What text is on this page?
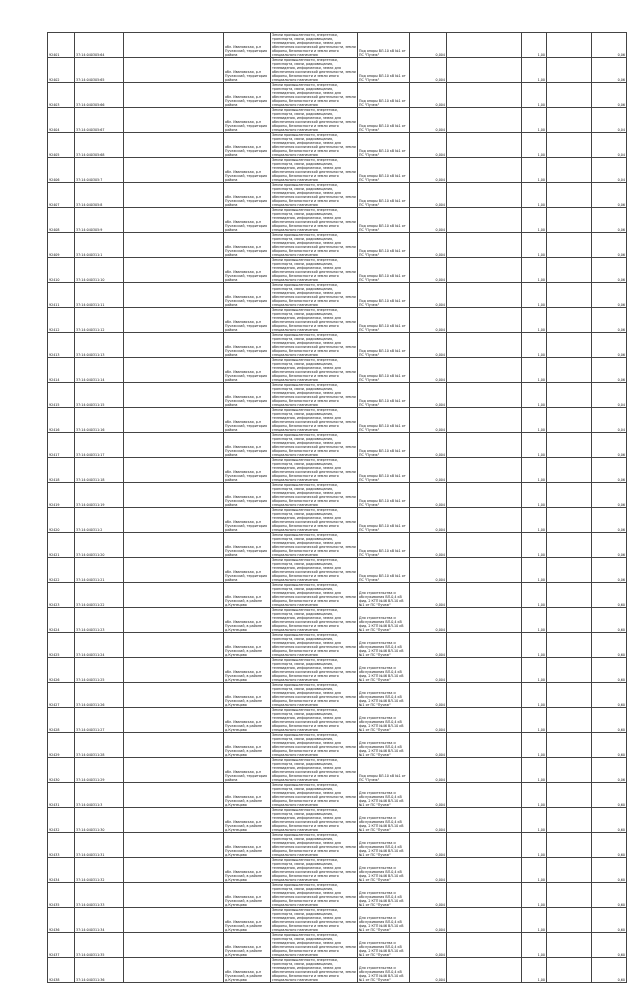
92401	37:14:040305:64		обл. Ивановская, р-н Пучежский, территория района	Земли промышленности, энергетики, транспорта, связи, радиовещания, телевидения, информатики, земли для обеспечения космической деятельности, земли обороны, безопасности и земли иного специального назначения	Под опоры ВЛ-10 кВ №1 от ПС "Пучеж"	0,004		1,00		0,06
92402	37:14:040305:65		обл. Ивановская, р-н Пучежский, территория района	Земли промышленности, энергетики, транспорта, связи, радиовещания, телевидения, информатики, земли для обеспечения космической деятельности, земли обороны, безопасности и земли иного специального назначения	Под опоры ВЛ-10 кВ №1 от ПС "Пучеж"	0,004		1,00		0,06
92403	37:14:040305:66		обл. Ивановская, р-н Пучежский, территория района	Земли промышленности, энергетики, транспорта, связи, радиовещания, телевидения, информатики, земли для обеспечения космической деятельности, земли обороны, безопасности и земли иного специального назначения	Под опоры ВЛ-10 кВ №1 от ПС "Пучеж"	0,004		1,00		0,06
92404	37:14:040305:67		обл. Ивановская, р-н Пучежский, территория района	Земли промышленности, энергетики, транспорта, связи, радиовещания, телевидения, информатики, земли для обеспечения космической деятельности, земли обороны, безопасности и земли иного специального назначения	Под опоры ВЛ-10 кВ №1 от ПС "Пучеж"	0,004		1,00		0,04
92405	37:14:040305:68		обл. Ивановская, р-н Пучежский, территория района	Земли промышленности, энергетики, транспорта, связи, радиовещания, телевидения, информатики, земли для обеспечения космической деятельности, земли обороны, безопасности и земли иного специального назначения	Под опоры ВЛ-10 кВ №1 от ПС "Пучеж"	0,004		1,00		0,04
92406	37:14:040305:7		обл. Ивановская, р-н Пучежский, территория района	Земли промышленности, энергетики, транспорта, связи, радиовещания, телевидения, информатики, земли для обеспечения космической деятельности, земли обороны, безопасности и земли иного специального назначения	Под опоры ВЛ-10 кВ №1 от ПС "Пучеж"	0,004		1,00		0,04
92407	37:14:040305:8		обл. Ивановская, р-н Пучежский, территория района	Земли промышленности, энергетики, транспорта, связи, радиовещания, телевидения, информатики, земли для обеспечения космической деятельности, земли обороны, безопасности и земли иного специального назначения	Под опоры ВЛ-10 кВ №1 от ПС "Пучеж"	0,004		1,00		0,06
92408	37:14:040305:9		обл. Ивановская, р-н Пучежский, территория района	Земли промышленности, энергетики, транспорта, связи, радиовещания, телевидения, информатики, земли для обеспечения космической деятельности, земли обороны, безопасности и земли иного специального назначения	Под опоры ВЛ-10 кВ №1 от ПС "Пучеж"	0,004		1,00		0,06
92409	37:14:040311:1		обл. Ивановская, р-н Пучежский, территория района	Земли промышленности, энергетики, транспорта, связи, радиовещания, телевидения, информатики, земли для обеспечения космической деятельности, земли обороны, безопасности и земли иного специального назначения	Под опоры ВЛ-10 кВ №1 от ПС "Пучеж"	0,004		1,00		0,06
92410	37:14:040311:10		обл. Ивановская, р-н Пучежский, территория района	Земли промышленности, энергетики, транспорта, связи, радиовещания, телевидения, информатики, земли для обеспечения космической деятельности, земли обороны, безопасности и земли иного специального назначения	Под опоры ВЛ-10 кВ №1 от ПС "Пучеж"	0,004		1,00		0,06
92411	37:14:040311:11		обл. Ивановская, р-н Пучежский, территория района	Земли промышленности, энергетики, транспорта, связи, радиовещания, телевидения, информатики, земли для обеспечения космической деятельности, земли обороны, безопасности и земли иного специального назначения	Под опоры ВЛ-10 кВ №1 от ПС "Пучеж"	0,004		1,00		0,06
92412	37:14:040311:12		обл. Ивановская, р-н Пучежский, территория района	Земли промышленности, энергетики, транспорта, связи, радиовещания, телевидения, информатики, земли для обеспечения космической деятельности, земли обороны, безопасности и земли иного специального назначения	Под опоры ВЛ-10 кВ №1 от ПС "Пучеж"	0,004		1,00		0,06
92413	37:14:040311:13		обл. Ивановская, р-н Пучежский, территория района	Земли промышленности, энергетики, транспорта, связи, радиовещания, телевидения, информатики, земли для обеспечения космической деятельности, земли обороны, безопасности и земли иного специального назначения	Под опоры ВЛ-10 кВ №1 от ПС "Пучеж"	0,004		1,00		0,06
92414	37:14:040311:14		обл. Ивановская, р-н Пучежский, территория района	Земли промышленности, энергетики, транспорта, связи, радиовещания, телевидения, информатики, земли для обеспечения космической деятельности, земли обороны, безопасности и земли иного специального назначения	Под опоры ВЛ-10 кВ №1 от ПС "Пучеж"	0,004		1,00		0,06
92415	37:14:040311:15		обл. Ивановская, р-н Пучежский, территория района	Земли промышленности, энергетики, транспорта, связи, радиовещания, телевидения, информатики, земли для обеспечения космической деятельности, земли обороны, безопасности и земли иного специального назначения	Под опоры ВЛ-10 кВ №1 от ПС "Пучеж"	0,004		1,00		0,04
92416	37:14:040311:16		обл. Ивановская, р-н Пучежский, территория района	Земли промышленности, энергетики, транспорта, связи, радиовещания, телевидения, информатики, земли для обеспечения космической деятельности, земли обороны, безопасности и земли иного специального назначения	Под опоры ВЛ-10 кВ №1 от ПС "Пучеж"	0,004		1,00		0,04
92417	37:14:040311:17		обл. Ивановская, р-н Пучежский, территория района	Земли промышленности, энергетики, транспорта, связи, радиовещания, телевидения, информатики, земли для обеспечения космической деятельности, земли обороны, безопасности и земли иного специального назначения	Под опоры ВЛ-10 кВ №1 от ПС "Пучеж"	0,004		1,00		0,06
92418	37:14:040311:18		обл. Ивановская, р-н Пучежский, территория района	Земли промышленности, энергетики, транспорта, связи, радиовещания, телевидения, информатики, земли для обеспечения космической деятельности, земли обороны, безопасности и земли иного специального назначения	Под опоры ВЛ-10 кВ №1 от ПС "Пучеж"	0,004		1,00		0,06
92419	37:14:040311:19		обл. Ивановская, р-н Пучежский, территория района	Земли промышленности, энергетики, транспорта, связи, радиовещания, телевидения, информатики, земли для обеспечения космической деятельности, земли обороны, безопасности и земли иного специального назначения	Под опоры ВЛ-10 кВ №1 от ПС "Пучеж"	0,004		1,00		0,06
92420	37:14:040311:2		обл. Ивановская, р-н Пучежский, территория района	Земли промышленности, энергетики, транспорта, связи, радиовещания, телевидения, информатики, земли для обеспечения космической деятельности, земли обороны, безопасности и земли иного специального назначения	Под опоры ВЛ-10 кВ №1 от ПС "Пучеж"	0,004		1,00		0,06
92421	37:14:040311:20		обл. Ивановская, р-н Пучежский, территория района	Земли промышленности, энергетики, транспорта, связи, радиовещания, телевидения, информатики, земли для обеспечения космической деятельности, земли обороны, безопасности и земли иного специального назначения	Под опоры ВЛ-10 кВ №1 от ПС "Пучеж"	0,004		1,00		0,06
92422	37:14:040311:21		обл. Ивановская, р-н Пучежский, территория района	Земли промышленности, энергетики, транспорта, связи, радиовещания, телевидения, информатики, земли для обеспечения космической деятельности, земли обороны, безопасности и земли иного специального назначения	Под опоры ВЛ-10 кВ №1 от ПС "Пучеж"	0,004		1,00		0,06
92423	37:14:040311:22		обл. Ивановская, р-н Пучежский, в районе д.Кузнецово	Земли промышленности, энергетики, транспорта, связи, радиовещания, телевидения, информатики, земли для обеспечения космической деятельности, земли обороны, безопасности и земли иного специального назначения	Для строительства и обслуживания ВЛ-0,4 кВ фид. 2 КТП №46 ВЛ-10 кВ №1 от ПС "Пучеж"	0,004		1,00		0,60
92424	37:14:040311:23		обл. Ивановская, р-н Пучежский, в районе д.Кузнецово	Земли промышленности, энергетики, транспорта, связи, радиовещания, телевидения, информатики, земли для обеспечения космической деятельности, земли обороны, безопасности и земли иного специального назначения	Для строительства и обслуживания ВЛ-0,4 кВ фид. 2 КТП №46 ВЛ-10 кВ №1 от ПС "Пучеж"	0,004		1,00		0,60
92425	37:14:040311:24		обл. Ивановская, р-н Пучежский, в районе д.Кузнецово	Земли промышленности, энергетики, транспорта, связи, радиовещания, телевидения, информатики, земли для обеспечения космической деятельности, земли обороны, безопасности и земли иного специального назначения	Для строительства и обслуживания ВЛ-0,4 кВ фид. 2 КТП №46 ВЛ-10 кВ №1 от ПС "Пучеж"	0,004		1,00		0,60
92426	37:14:040311:25		обл. Ивановская, р-н Пучежский, в районе д.Кузнецово	Земли промышленности, энергетики, транспорта, связи, радиовещания, телевидения, информатики, земли для обеспечения космической деятельности, земли обороны, безопасности и земли иного специального назначения	Для строительства и обслуживания ВЛ-0,4 кВ фид. 2 КТП №46 ВЛ-10 кВ №1 от ПС "Пучеж"	0,004		1,00		0,60
92427	37:14:040311:26		обл. Ивановская, р-н Пучежский, в районе д.Кузнецово	Земли промышленности, энергетики, транспорта, связи, радиовещания, телевидения, информатики, земли для обеспечения космической деятельности, земли обороны, безопасности и земли иного специального назначения	Для строительства и обслуживания ВЛ-0,4 кВ фид. 2 КТП №46 ВЛ-10 кВ №1 от ПС "Пучеж"	0,004		1,00		0,60
92428	37:14:040311:27		обл. Ивановская, р-н Пучежский, в районе д.Кузнецово	Земли промышленности, энергетики, транспорта, связи, радиовещания, телевидения, информатики, земли для обеспечения космической деятельности, земли обороны, безопасности и земли иного специального назначения	Для строительства и обслуживания ВЛ-0,4 кВ фид. 2 КТП №46 ВЛ-10 кВ №1 от ПС "Пучеж"	0,004		1,00		0,60
92429	37:14:040311:28		обл. Ивановская, р-н Пучежский, в районе д.Кузнецово	Земли промышленности, энергетики, транспорта, связи, радиовещания, телевидения, информатики, земли для обеспечения космической деятельности, земли обороны, безопасности и земли иного специального назначения	Для строительства и обслуживания ВЛ-0,4 кВ фид. 2 КТП №46 ВЛ-10 кВ №1 от ПС "Пучеж"	0,004		1,00		0,60
92430	37:14:040311:29		обл. Ивановская, р-н Пучежский, территория района	Земли промышленности, энергетики, транспорта, связи, радиовещания, телевидения, информатики, земли для обеспечения космической деятельности, земли обороны, безопасности и земли иного специального назначения	Под опоры ВЛ-10 кВ №1 от ПС "Пучеж"	0,004		1,00		0,06
92431	37:14:040311:3		обл. Ивановская, р-н Пучежский, в районе д.Кузнецово	Земли промышленности, энергетики, транспорта, связи, радиовещания, телевидения, информатики, земли для обеспечения космической деятельности, земли обороны, безопасности и земли иного специального назначения	Для строительства и обслуживания ВЛ-0,4 кВ фид. 2 КТП №46 ВЛ-10 кВ №1 от ПС "Пучеж"	0,004		1,00		0,60
92432	37:14:040311:30		обл. Ивановская, р-н Пучежский, в районе д.Кузнецово	Земли промышленности, энергетики, транспорта, связи, радиовещания, телевидения, информатики, земли для обеспечения космической деятельности, земли обороны, безопасности и земли иного специального назначения	Для строительства и обслуживания ВЛ-0,4 кВ фид. 2 КТП №46 ВЛ-10 кВ №1 от ПС "Пучеж"	0,004		1,00		0,60
92433	37:14:040311:31		обл. Ивановская, р-н Пучежский, в районе д.Кузнецово	Земли промышленности, энергетики, транспорта, связи, радиовещания, телевидения, информатики, земли для обеспечения космической деятельности, земли обороны, безопасности и земли иного специального назначения	Для строительства и обслуживания ВЛ-0,4 кВ фид. 2 КТП №46 ВЛ-10 кВ №1 от ПС "Пучеж"	0,004		1,00		0,60
92434	37:14:040311:32		обл. Ивановская, р-н Пучежский, в районе д.Кузнецово	Земли промышленности, энергетики, транспорта, связи, радиовещания, телевидения, информатики, земли для обеспечения космической деятельности, земли обороны, безопасности и земли иного специального назначения	Для строительства и обслуживания ВЛ-0,4 кВ фид. 2 КТП №46 ВЛ-10 кВ №1 от ПС "Пучеж"	0,004		1,00		0,60
92435	37:14:040311:33		обл. Ивановская, р-н Пучежский, в районе д.Кузнецово	Земли промышленности, энергетики, транспорта, связи, радиовещания, телевидения, информатики, земли для обеспечения космической деятельности, земли обороны, безопасности и земли иного специального назначения	Для строительства и обслуживания ВЛ-0,4 кВ фид. 2 КТП №46 ВЛ-10 кВ №1 от ПС "Пучеж"	0,004		1,00		0,60
92436	37:14:040311:34		обл. Ивановская, р-н Пучежский, в районе д.Кузнецово	Земли промышленности, энергетики, транспорта, связи, радиовещания, телевидения, информатики, земли для обеспечения космической деятельности, земли обороны, безопасности и земли иного специального назначения	Для строительства и обслуживания ВЛ-0,4 кВ фид. 2 КТП №46 ВЛ-10 кВ №1 от ПС "Пучеж"	0,004		1,00		0,60
92437	37:14:040311:35		обл. Ивановская, р-н Пучежский, в районе д.Кузнецово	Земли промышленности, энергетики, транспорта, связи, радиовещания, телевидения, информатики, земли для обеспечения космической деятельности, земли обороны, безопасности и земли иного специального назначения	Для строительства и обслуживания ВЛ-0,4 кВ фид. 2 КТП №46 ВЛ-10 кВ №1 от ПС "Пучеж"	0,004		1,00		0,60
92438	37:14:040311:36		обл. Ивановская, р-н Пучежский, в районе д.Кузнецово	Земли промышленности, энергетики, транспорта, связи, радиовещания, телевидения, информатики, земли для обеспечения космической деятельности, земли обороны, безопасности и земли иного специального назначения	Для строительства и обслуживания ВЛ-0,4 кВ фид. 2 КТП №46 ВЛ-10 кВ №1 от ПС "Пучеж"	0,004		1,00		0,60
